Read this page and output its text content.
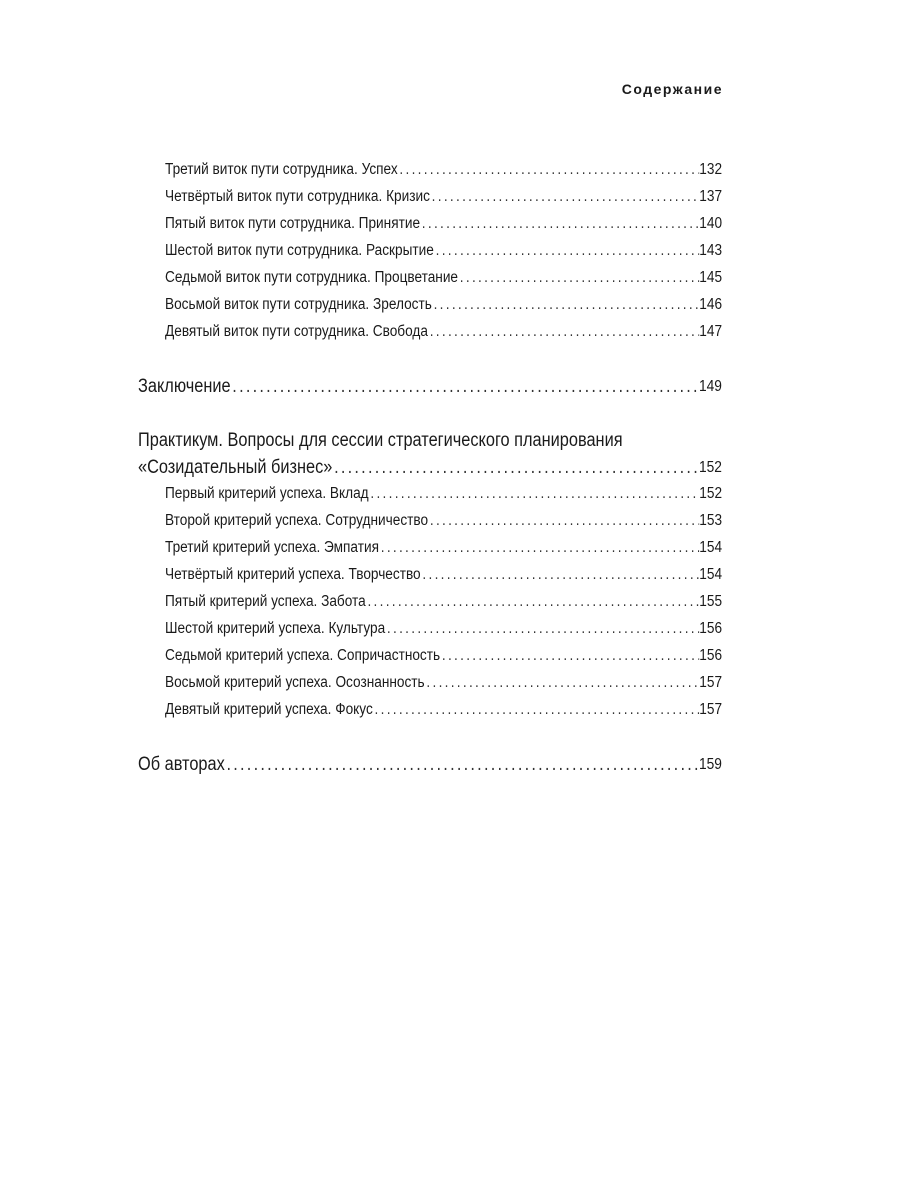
Содержание
Третий виток пути сотрудника. Успех .....	132
Четвёртый виток пути сотрудника. Кризис .....	137
Пятый виток пути сотрудника. Принятие .....	140
Шестой виток пути сотрудника. Раскрытие .....	143
Седьмой виток пути сотрудника. Процветание .....	145
Восьмой виток пути сотрудника. Зрелость .....	146
Девятый виток пути сотрудника. Свобода .....	147
Заключение .....	149
Практикум. Вопросы для сессии стратегического планирования
«Созидательный бизнес» .....	152
Первый критерий успеха. Вклад .....	152
Второй критерий успеха. Сотрудничество .....	153
Третий критерий успеха. Эмпатия .....	154
Четвёртый критерий успеха. Творчество .....	154
Пятый критерий успеха. Забота .....	155
Шестой критерий успеха. Культура .....	156
Седьмой критерий успеха. Сопричастность .....	156
Восьмой критерий успеха. Осознанность .....	157
Девятый критерий успеха. Фокус .....	157
Об авторах .....	159
